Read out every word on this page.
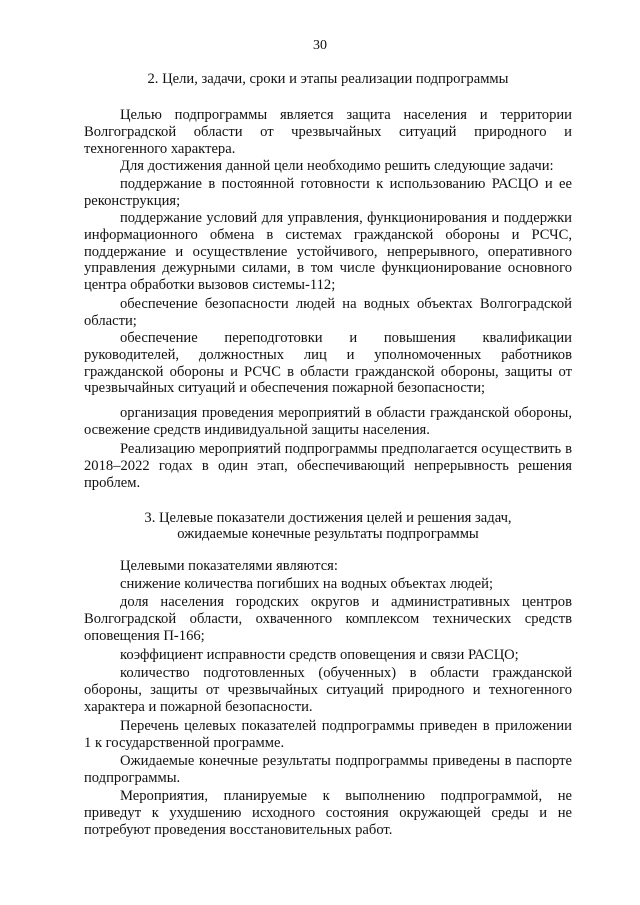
30
2. Цели, задачи, сроки и этапы реализации подпрограммы

Целью подпрограммы является защита населения и территории Волгоградской области от чрезвычайных ситуаций природного и техногенного характера.

Для достижения данной цели необходимо решить следующие задачи:

поддержание в постоянной готовности к использованию РАСЦО и ее реконструкция;

поддержание условий для управления, функционирования и поддержки информационного обмена в системах гражданской обороны и РСЧС, поддержание и осуществление устойчивого, непрерывного, оперативного управления дежурными силами, в том числе функционирование основного центра обработки вызовов системы-112;

обеспечение безопасности людей на водных объектах Волгоградской области;

обеспечение переподготовки и повышения квалификации руководителей, должностных лиц и уполномоченных работников гражданской обороны и РСЧС в области гражданской обороны, защиты от чрезвычайных ситуаций и обеспечения пожарной безопасности;

организация проведения мероприятий в области гражданской обороны, освежение средств индивидуальной защиты населения.

Реализацию мероприятий подпрограммы предполагается осуществить в 2018–2022 годах в один этап, обеспечивающий непрерывность решения проблем.

3. Целевые показатели достижения целей и решения задач,
ожидаемые конечные результаты подпрограммы

Целевыми показателями являются:

снижение количества погибших на водных объектах людей;

доля населения городских округов и административных центров Волгоградской области, охваченного комплексом технических средств оповещения П-166;

коэффициент исправности средств оповещения и связи РАСЦО;

количество подготовленных (обученных) в области гражданской обороны, защиты от чрезвычайных ситуаций природного и техногенного характера и пожарной безопасности.

Перечень целевых показателей подпрограммы приведен в приложении 1 к государственной программе.

Ожидаемые конечные результаты подпрограммы приведены в паспорте подпрограммы.

Мероприятия, планируемые к выполнению подпрограммой, не приведут к ухудшению исходного состояния окружающей среды и не потребуют проведения восстановительных работ.
